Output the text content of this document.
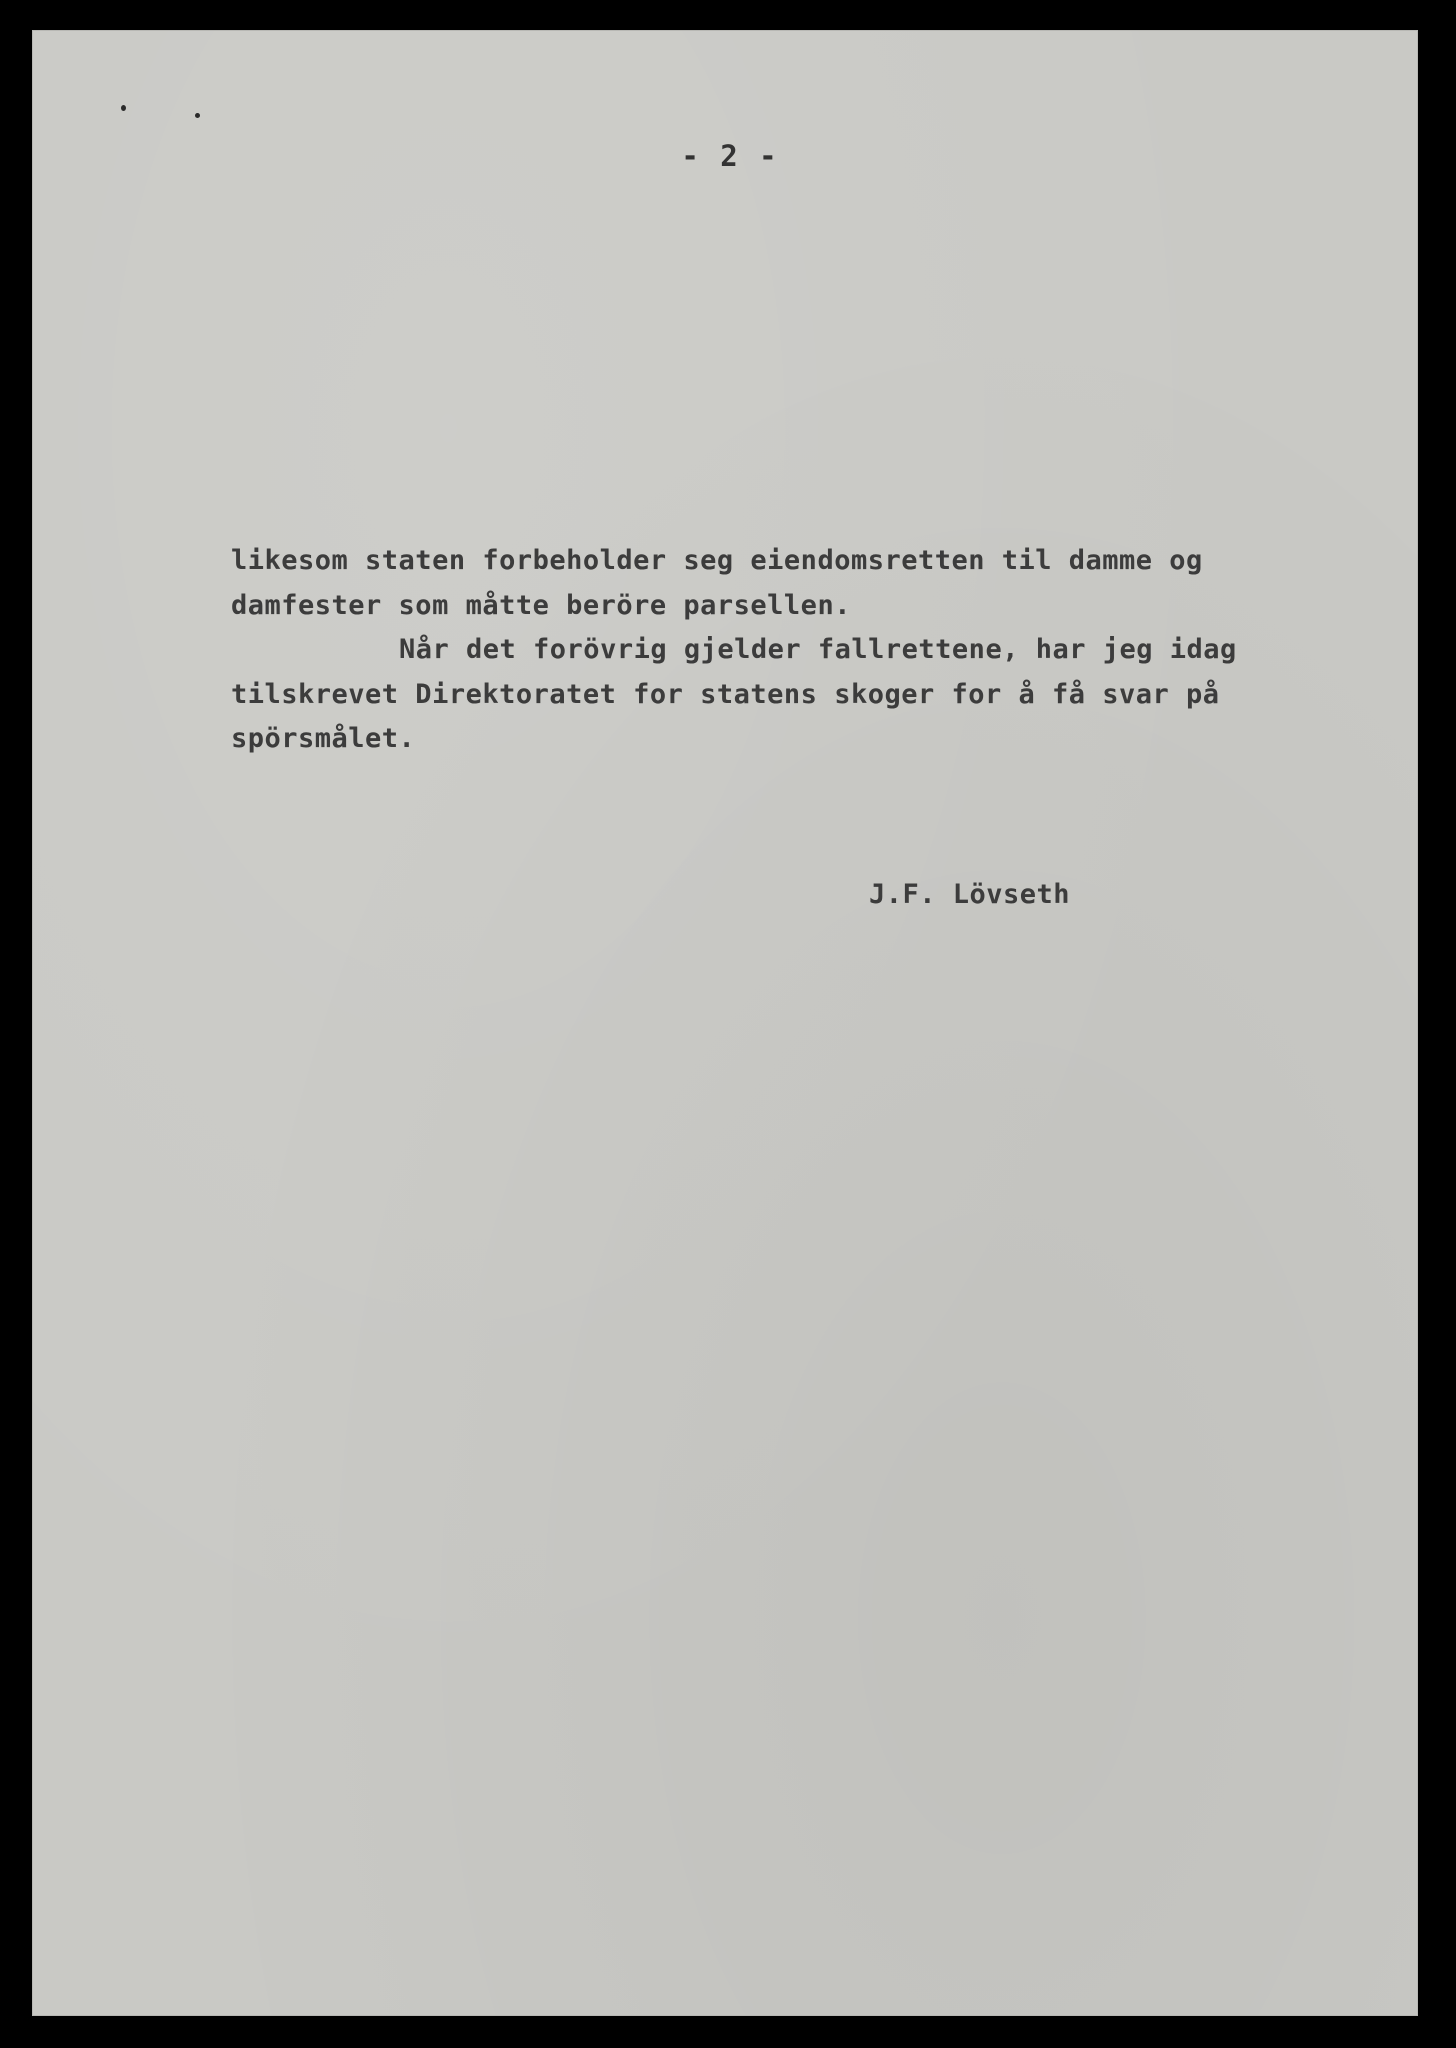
- 2 -
likesom staten forbeholder seg eiendomsretten til damme og
damfester som måtte beröre parsellen.
Når det forövrig gjelder fallrettene, har jeg idag
tilskrevet Direktoratet for statens skoger for å få svar på
spörsmålet.
J.F. Lövseth
